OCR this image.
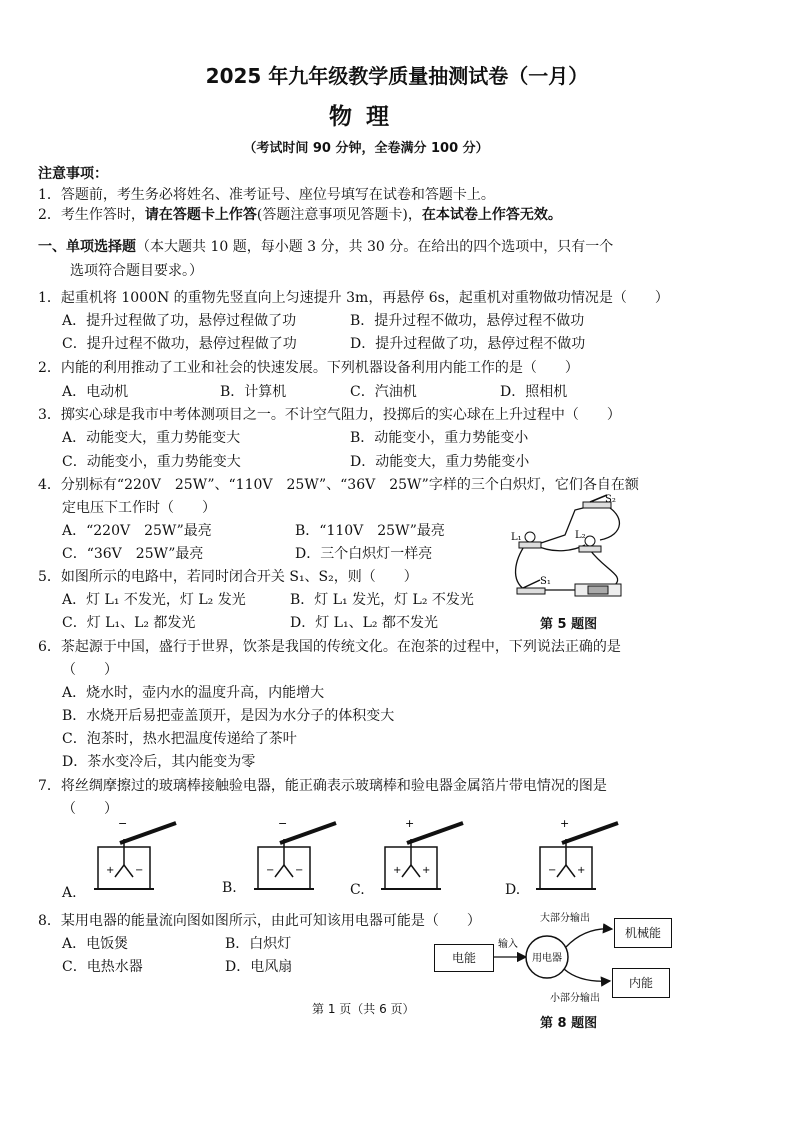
2025 年九年级教学质量抽测试卷（一月）
物理
（考试时间 90 分钟，全卷满分 100 分）
注意事项：
1．答题前，考生务必将姓名、准考证号、座位号填写在试卷和答题卡上。
2．考生作答时，请在答题卡上作答(答题注意事项见答题卡)，在本试卷上作答无效。
一、单项选择题（本大题共 10 题，每小题 3 分，共 30 分。在给出的四个选项中，只有一个
选项符合题目要求。）
1．起重机将 1000N 的重物先竖直向上匀速提升 3m，再悬停 6s，起重机对重物做功情况是（　　）
A．提升过程做了功，悬停过程做了功	B．提升过程不做功，悬停过程不做功
C．提升过程不做功，悬停过程做了功	D．提升过程做了功，悬停过程不做功
2．内能的利用推动了工业和社会的快速发展。下列机器设备利用内能工作的是（　　）
A．电动机	B．计算机	C．汽油机	D．照相机
3．掷实心球是我市中考体测项目之一。不计空气阻力，投掷后的实心球在上升过程中（　　）
A．动能变大，重力势能变大	B．动能变小，重力势能变小
C．动能变小，重力势能变大	D．动能变大，重力势能变小
4．分别标有“220V　25W”、“110V　25W”、“36V　25W”字样的三个白炽灯，它们各自在额
定电压下工作时（　　）
A．“220V　25W”最亮	B．“110V　25W”最亮
C．“36V　25W”最亮	D．三个白炽灯一样亮
5．如图所示的电路中，若同时闭合开关 S₁、S₂，则（　　）
A．灯 L₁ 不发光，灯 L₂ 发光	B．灯 L₁ 发光，灯 L₂ 不发光
C．灯 L₁、L₂ 都发光	D．灯 L₁、L₂ 都不发光
L₁	L₂
S₁
S₂
第 5 题图
6．茶起源于中国，盛行于世界，饮茶是我国的传统文化。在泡茶的过程中，下列说法正确的是
（　　）
A．烧水时，壶内水的温度升高，内能增大
B．水烧开后易把壶盖顶开，是因为水分子的体积变大
C．泡茶时，热水把温度传递给了茶叶
D．茶水变冷后，其内能变为零
7．将丝绸摩擦过的玻璃棒接触验电器，能正确表示玻璃棒和验电器金属箔片带电情况的图是
（　　）
−
+ −
−
− −
+
+ +
+
− +
A.	B.	C.	D.
8．某用电器的能量流向图如图所示，由此可知该用电器可能是（　　）
A．电饭煲	B．白炽灯
C．电热水器	D．电风扇
用电器
输入
大部分输出
小部分输出
电能
机械能
内能
第 8 题图
第 1 页（共 6 页）
